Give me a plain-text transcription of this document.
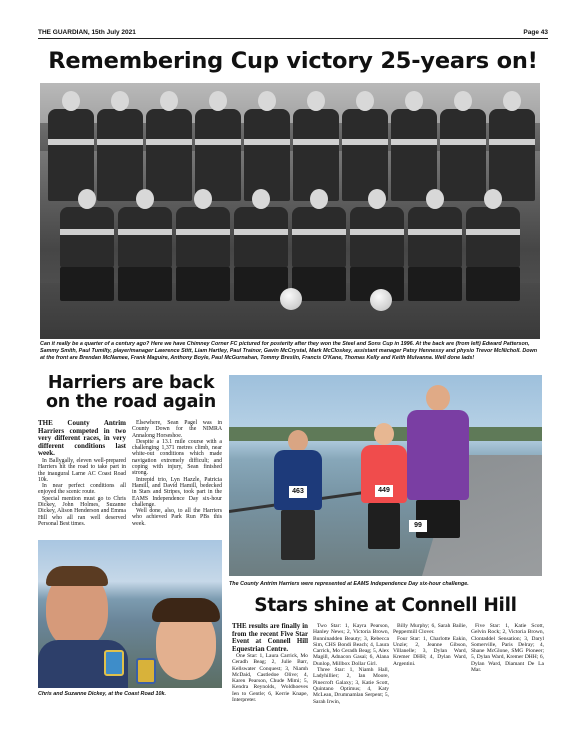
THE GUARDIAN, 15th July 2021	Page 43
Remembering Cup victory 25-years on!
Can it really be a quarter of a century ago? Here we have Chimney Corner FC pictured for posterity after they won the Steel and Sons Cup in 1996. At the back are (from left) Edward Patterson, Sammy Smith, Paul Tumilty, player/manager Lawrence Stitt, Liam Hartley, Paul Trainor, Gavin McCrystal, Mark McCloskey, assistant manager Patsy Hennessy and physio Trevor McNicholl. Down at the front are Brendan McNamee, Frank Maguire, Anthony Boyle, Paul McGurnahan, Tommy Breslin, Francis O'Kane, Thomas Kelly and Keith Mulvanna. Well done lads!
Harriers are back on the road again

THE County Antrim Harriers competed in two very different races, in very different conditions last week.

In Ballygally, eleven well-prepared Harriers hit the road to take part in the inaugural Larne AC Coast Road 10k.

In near perfect conditions all enjoyed the scenic route.

Special mention must go to Chris Dickey, John Holmes, Suzanne Dickey, Alison Henderson and Emma Hill who all ran well deserved Personal Best times.

Elsewhere, Sean Pagel was in County Down for the NIMRA Annalong Horseshoe.

Despite a 13.1 mile course with a challenging 1,371 metres climb, near white-out conditions which made navigation extremely difficult; and coping with injury, Sean finished strong.

Intrepid trio, Lyn Hazzle, Patricia Hamill, and David Hamill, bedecked in Stars and Stripes, took part in the EAMS Independence Day six-hour challenge.

Well done, also, to all the Harriers who achieved Park Run PBs this week.

463	449
99
The County Antrim Harriers were represented at EAMS Independence Day six-hour challenge.
Chris and Suzanne Dickey, at the Coast Road 10k.
Stars shine at Connell Hill

THE results are finally in from the recent Five Star Event at Connell Hill Equestrian Centre.

One Star: 1, Laura Carrick, Mo Ceradh Beag; 2, Julie Barr, Kellswater Conquest; 3, Niamh McDaid, Castledoe Olive; 4, Karen Pearson, Chude Mimi; 5, Kendra Reynolds, Woldhoeves Ien to Gentle; 6, Kerrie Knape, Interpreter.

Two Star: 1, Kayra Pearson, Hanley News; 2, Victoria Brown, Bunninadden Beauty; 3, Rebecca Sim, CHS Bondi Beach; 4, Laura Carrick, Mo Ceradh Beag; 5, Alex Magill, Adnacon Gasai; 6, Alana Dunlop, Millbox Dollar Girl.

Three Star: 1, Niamh Hall, Ladyhillier; 2, Ian Moore, Pinecroft Galaxy; 3, Katie Scott, Quintano Optimus; 4, Katy McLean, Drumnamlan Serpent; 5, Sarah Irwin,

Billy Murphy; 6, Sarah Bailie, Peppermill Clover.

Four Star: 1, Charlotte Eakin, Unzie; 2, Jeanne Gibson, Villanelle; 3, Dylan Ward, Kremer DHH; 4, Dylan Ward, Argentini.

Five Star: 1, Katie Scott, Gelvin Rock; 2, Victoria Brown, Clontaddel Sensation; 3, Daryl Somerville, Paris Delray; 4, Shane McGlone, SMG Pioneer; 5, Dylan Ward, Kremer DHH; 6, Dylan Ward, Diamant De La Mar.
